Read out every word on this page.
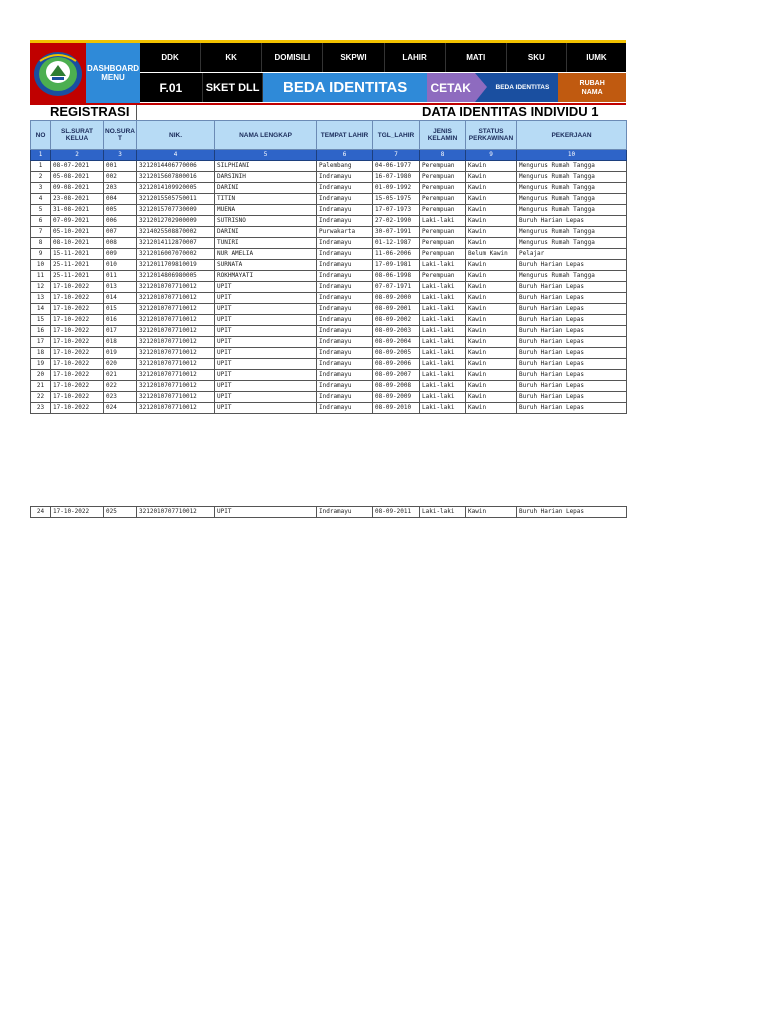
DASHBOARD
MENU
DDK	KK	DOMISILI	SKPWI	LAHIR	MATI	SKU	IUMK
F.01 SKET DLL BEDA IDENTITAS CETAK	BEDA IDENTITAS
RUBAH
NAMA
REGISTRASI	DATA IDENTITAS INDIVIDU 1
NO	SL.SURAT KELUA	NO.SURA T	NIK.	NAMA LENGKAP	TEMPAT LAHIR	TGL_LAHIR	JENIS KELAMIN	STATUS PERKAWINAN	PEKERJAAN
1	2	3	4	5	6	7	8	9	10
1	08-07-2021	001	3212014406770006	SILPHIANI	Palembang	04-06-1977	Perempuan	Kawin	Mengurus Rumah Tangga
2	05-08-2021	002	3212015607800016	DARSINIH	Indramayu	16-07-1980	Perempuan	Kawin	Mengurus Rumah Tangga
3	09-08-2021	203	3212014109920005	DARINI	Indramayu	01-09-1992	Perempuan	Kawin	Mengurus Rumah Tangga
4	23-08-2021	004	3212015505750011	TITIN	Indramayu	15-05-1975	Perempuan	Kawin	Mengurus Rumah Tangga
5	31-08-2021	005	3212015707730009	MUENA	Indramayu	17-07-1973	Perempuan	Kawin	Mengurus Rumah Tangga
6	07-09-2021	006	3212012702900009	SUTRISNO	Indramayu	27-02-1990	Laki-laki	Kawin	Buruh Harian Lepas
7	05-10-2021	007	3214025508870002	DARINI	Purwakarta	30-07-1991	Perempuan	Kawin	Mengurus Rumah Tangga
8	08-10-2021	008	3212014112870007	TUNIRI	Indramayu	01-12-1987	Perempuan	Kawin	Mengurus Rumah Tangga
9	15-11-2021	009	3212016007070002	NUR AMELIA	Indramayu	11-06-2006	Perempuan	Belum Kawin	Pelajar
10	25-11-2021	010	3212011709810019	SURNATA	Indramayu	17-09-1981	Laki-laki	Kawin	Buruh Harian Lepas
11	25-11-2021	011	3212014806980005	ROKHMAYATI	Indramayu	08-06-1998	Perempuan	Kawin	Mengurus Rumah Tangga
12	17-10-2022	013	3212010707710012	UPIT	Indramayu	07-07-1971	Laki-laki	Kawin	Buruh Harian Lepas
13	17-10-2022	014	3212010707710012	UPIT	Indramayu	08-09-2000	Laki-laki	Kawin	Buruh Harian Lepas
14	17-10-2022	015	3212010707710012	UPIT	Indramayu	08-09-2001	Laki-laki	Kawin	Buruh Harian Lepas
15	17-10-2022	016	3212010707710012	UPIT	Indramayu	08-09-2002	Laki-laki	Kawin	Buruh Harian Lepas
16	17-10-2022	017	3212010707710012	UPIT	Indramayu	08-09-2003	Laki-laki	Kawin	Buruh Harian Lepas
17	17-10-2022	018	3212010707710012	UPIT	Indramayu	08-09-2004	Laki-laki	Kawin	Buruh Harian Lepas
18	17-10-2022	019	3212010707710012	UPIT	Indramayu	08-09-2005	Laki-laki	Kawin	Buruh Harian Lepas
19	17-10-2022	020	3212010707710012	UPIT	Indramayu	08-09-2006	Laki-laki	Kawin	Buruh Harian Lepas
20	17-10-2022	021	3212010707710012	UPIT	Indramayu	08-09-2007	Laki-laki	Kawin	Buruh Harian Lepas
21	17-10-2022	022	3212010707710012	UPIT	Indramayu	08-09-2008	Laki-laki	Kawin	Buruh Harian Lepas
22	17-10-2022	023	3212010707710012	UPIT	Indramayu	08-09-2009	Laki-laki	Kawin	Buruh Harian Lepas
23	17-10-2022	024	3212010707710012	UPIT	Indramayu	08-09-2010	Laki-laki	Kawin	Buruh Harian Lepas
24	17-10-2022	025	3212010707710012	UPIT	Indramayu	08-09-2011	Laki-laki	Kawin	Buruh Harian Lepas
